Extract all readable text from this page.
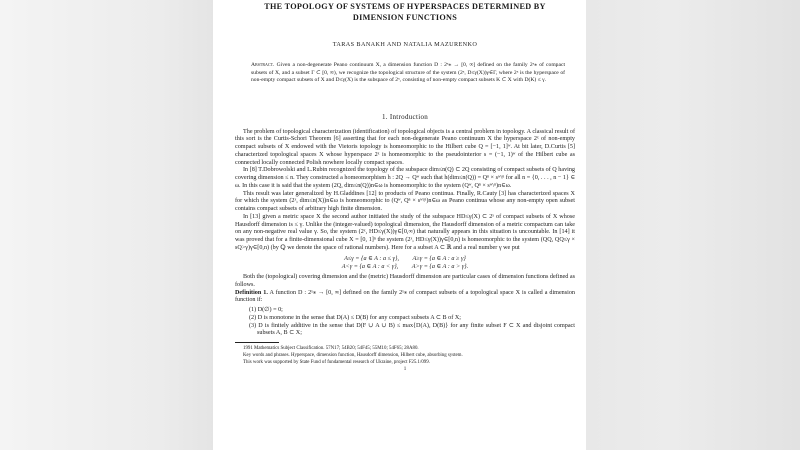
THE TOPOLOGY OF SYSTEMS OF HYPERSPACES DETERMINED BY
DIMENSION FUNCTIONS
TARAS BANAKH AND NATALIA MAZURENKO
Abstract. Given a non-degenerate Peano continuum X, a dimension function D : 2ˣ⁎ → [0, ∞] defined on the family 2ˣ⁎ of compact subsets of X, and a subset Γ ⊂ [0, ∞), we recognize the topological structure of the system (2ˣ, D≤γ(X))γ∈Γ, where 2ˣ is the hyperspace of non-empty compact subsets of X and D≤γ(X) is the subspace of 2ˣ, consisting of non-empty compact subsets K ⊂ X with D(K) ≤ γ.
1. Introduction

The problem of topological characterization (identification) of topological objects is a central problem in topology. A classical result of this sort is the Curtis-Schori Theorem [6] asserting that for each non-degenerate Peano continuum X the hyperspace 2ˣ of non-empty compact subsets of X endowed with the Vietoris topology is homeomorphic to the Hilbert cube Q = [−1, 1]ʷ. At bit later, D.Curtis [5] characterized topological spaces X whose hyperspace 2ˣ is homeomorphic to the pseudointerior s = (−1, 1)ʷ of the Hilbert cube as connected locally connected Polish nowhere locally compact spaces.

In [8] T.Dobrowolski and L.Rubin recognized the topology of the subspace dim≤n(Q) ⊂ 2Q consisting of compact subsets of Q having covering dimension ≤ n. They constructed a homeomorphism h : 2Q → Qʷ such that h(dim≤n(Q)) = Qⁿ × sʷ\ⁿ for all n = {0, . . . , n − 1} ∈ ω. In this case it is said that the system (2Q, dim≤n(Q))n∈ω is homeomorphic to the system (Qʷ, Qⁿ × sʷ\ⁿ)n∈ω.

This result was later generalized by H.Gladdines [12] to products of Peano continua. Finally, R.Cauty [3] has characterized spaces X for which the system (2ˣ, dim≤n(X))n∈ω is homeomorphic to (Qʷ, Qⁿ × sʷ\ⁿ)n∈ω as Peano continua whose any non-empty open subset contains compact subsets of arbitrary high finite dimension.

In [13] given a metric space X the second author initiated the study of the subspace HD≤γ(X) ⊂ 2ˣ of compact subsets of X whose Hausdorff dimension is ≤ γ. Unlike the (integer-valued) topological dimension, the Hausdorff dimension of a metric compactum can take on any non-negative real value γ. So, the system (2ˣ, HD≤γ(X))γ∈[0,∞) that naturally appears in this situation is uncountable. In [14] it was proved that for a finite-dimensional cube X = [0, 1]ⁿ the system (2ˣ, HD≤γ(X))γ∈[0,n) is homeomorphic to the system (QQ, QQ≤γ × sQ>γ)γ∈[0,n) (by ℚ we denote the space of rational numbers). Here for a subset A ⊂ ℝ and a real number γ we put

A≤γ = {a ∈ A : a ≤ γ}, A≥γ = {a ∈ A : a ≥ γ}
A<γ = {a ∈ A : a < γ}, A>γ = {a ∈ A : a > γ}.

Both the (topological) covering dimension and the (metric) Hausdorff dimension are particular cases of dimension functions defined as follows.

Definition 1. A function D : 2ˣ⁎ → [0, ∞] defined on the family 2ˣ⁎ of compact subsets of a topological space X is called a dimension function if:

(1) D(∅) = 0;
(2) D is monotone in the sense that D(A) ≤ D(B) for any compact subsets A ⊂ B of X;
(3) D is finitely additive in the sense that D(F ∪ A ∪ B) ≤ max{D(A), D(B)} for any finite subset F ⊂ X and disjoint compact subsets A, B ⊂ X;
1991 Mathematics Subject Classification. 57N17; 54B20; 54F45; 55M10; 54F65; 28A80.
Key words and phrases. Hyperspace, dimension function, Hausdorff dimension, Hilbert cube, absorbing system.
This work was supported by State Fund of fundamental research of Ukraine, project F25.1/099.
1
